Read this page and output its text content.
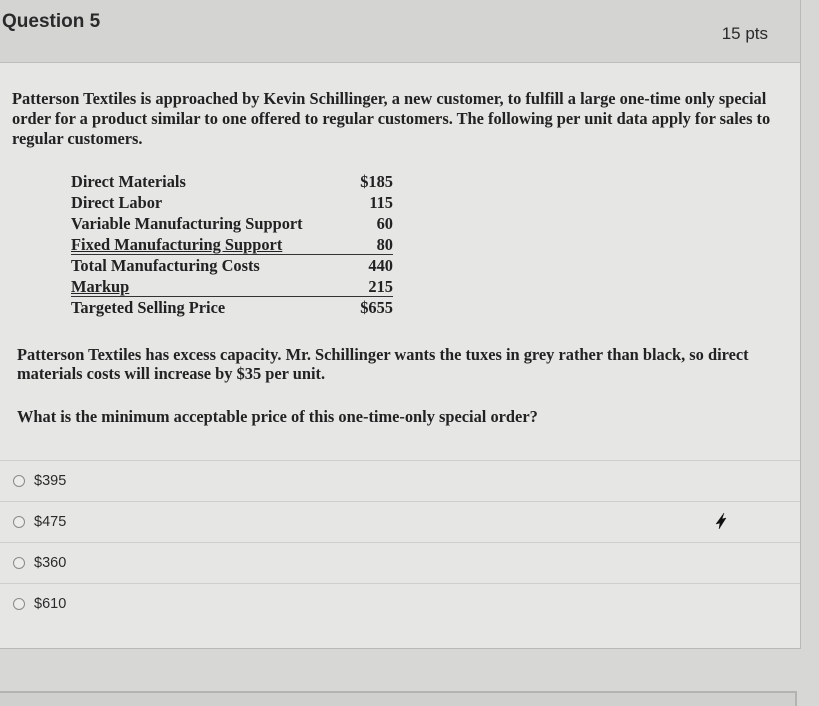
Question 5
15 pts
Patterson Textiles is approached by Kevin Schillinger, a new customer, to fulfill a large one-time only special order for a product similar to one offered to regular customers. The following per unit data apply for sales to regular customers.
Direct Materials	$185
Direct Labor	115
Variable Manufacturing Support	60
Fixed Manufacturing Support	80
Total Manufacturing Costs	440
Markup	215
Targeted Selling Price	$655
Patterson Textiles has excess capacity. Mr. Schillinger wants the tuxes in grey rather than black, so direct materials costs will increase by $35 per unit.
What is the minimum acceptable price of this one-time-only special order?
$395
$475
$360
$610
